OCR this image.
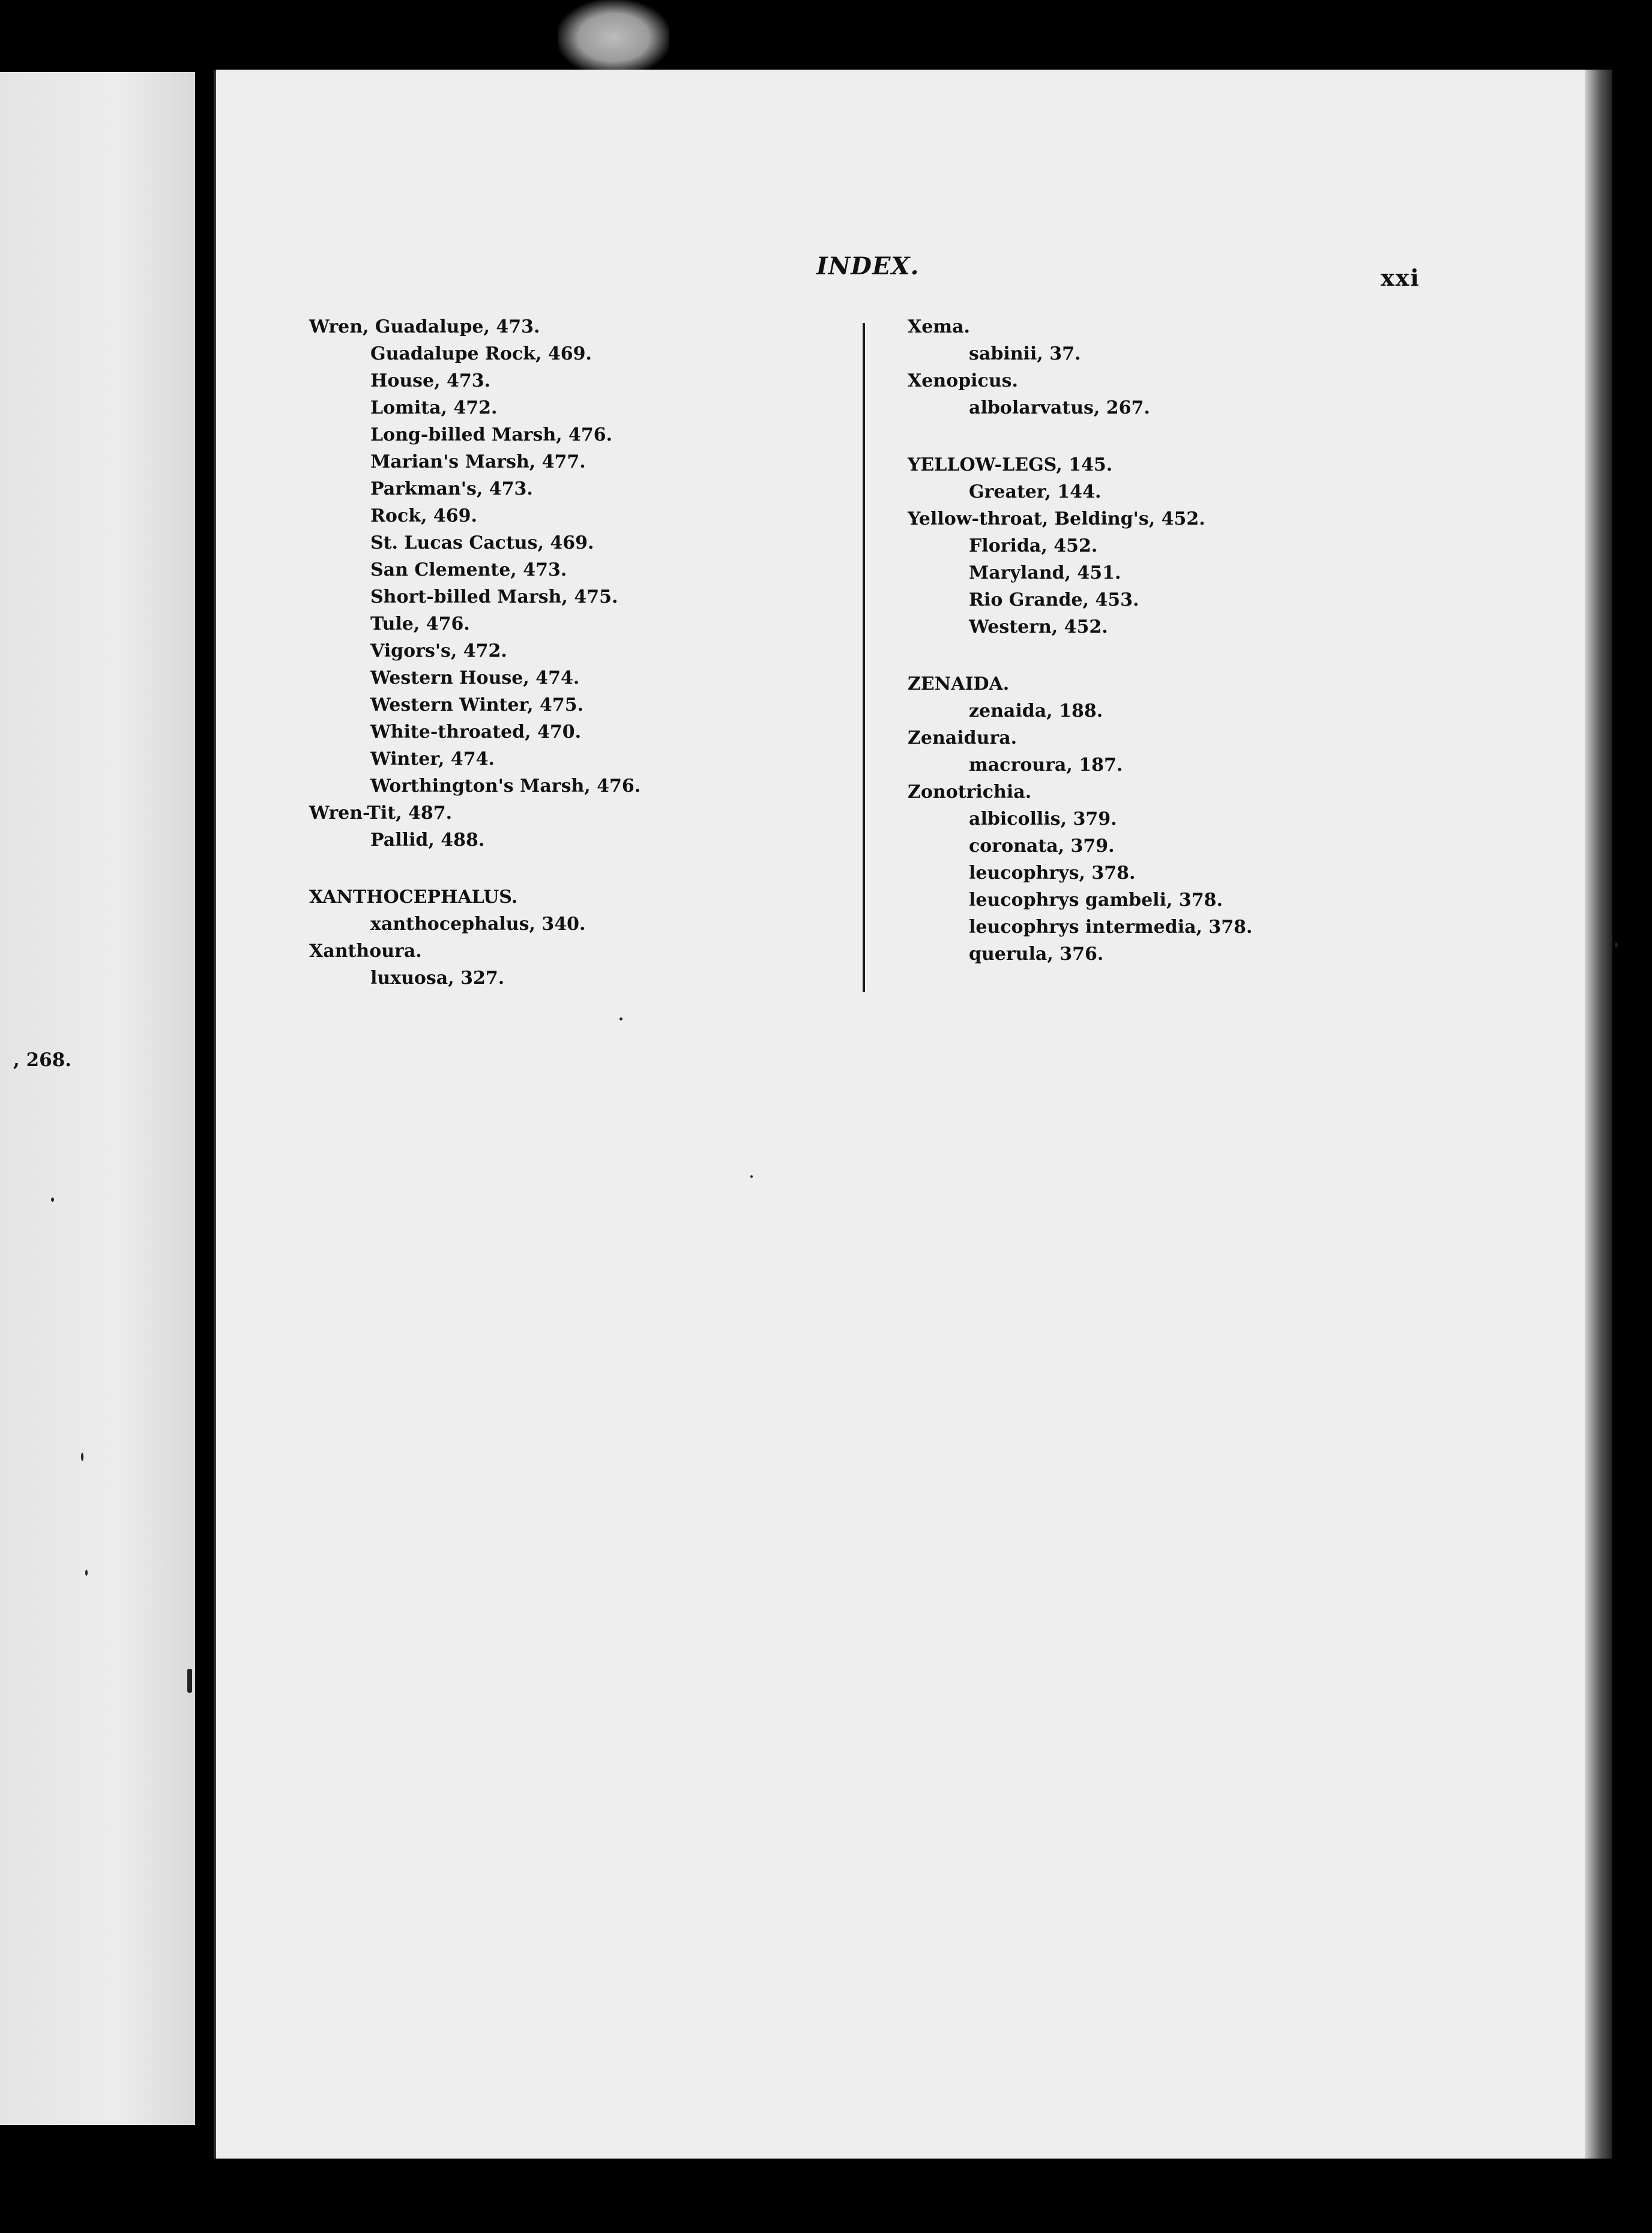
, 268.
INDEX.	xxi
Wren, Guadalupe, 473.
Guadalupe Rock, 469.
House, 473.
Lomita, 472.
Long-billed Marsh, 476.
Marian's Marsh, 477.
Parkman's, 473.
Rock, 469.
St. Lucas Cactus, 469.
San Clemente, 473.
Short-billed Marsh, 475.
Tule, 476.
Vigors's, 472.
Western House, 474.
Western Winter, 475.
White-throated, 470.
Winter, 474.
Worthington's Marsh, 476.
Wren-Tit, 487.
Pallid, 488.
XANTHOCEPHALUS.
xanthocephalus, 340.
Xanthoura.
luxuosa, 327.
Xema.
sabinii, 37.
Xenopicus.
albolarvatus, 267.
YELLOW-LEGS, 145.
Greater, 144.
Yellow-throat, Belding's, 452.
Florida, 452.
Maryland, 451.
Rio Grande, 453.
Western, 452.
ZENAIDA.
zenaida, 188.
Zenaidura.
macroura, 187.
Zonotrichia.
albicollis, 379.
coronata, 379.
leucophrys, 378.
leucophrys gambeli, 378.
leucophrys intermedia, 378.
querula, 376.
